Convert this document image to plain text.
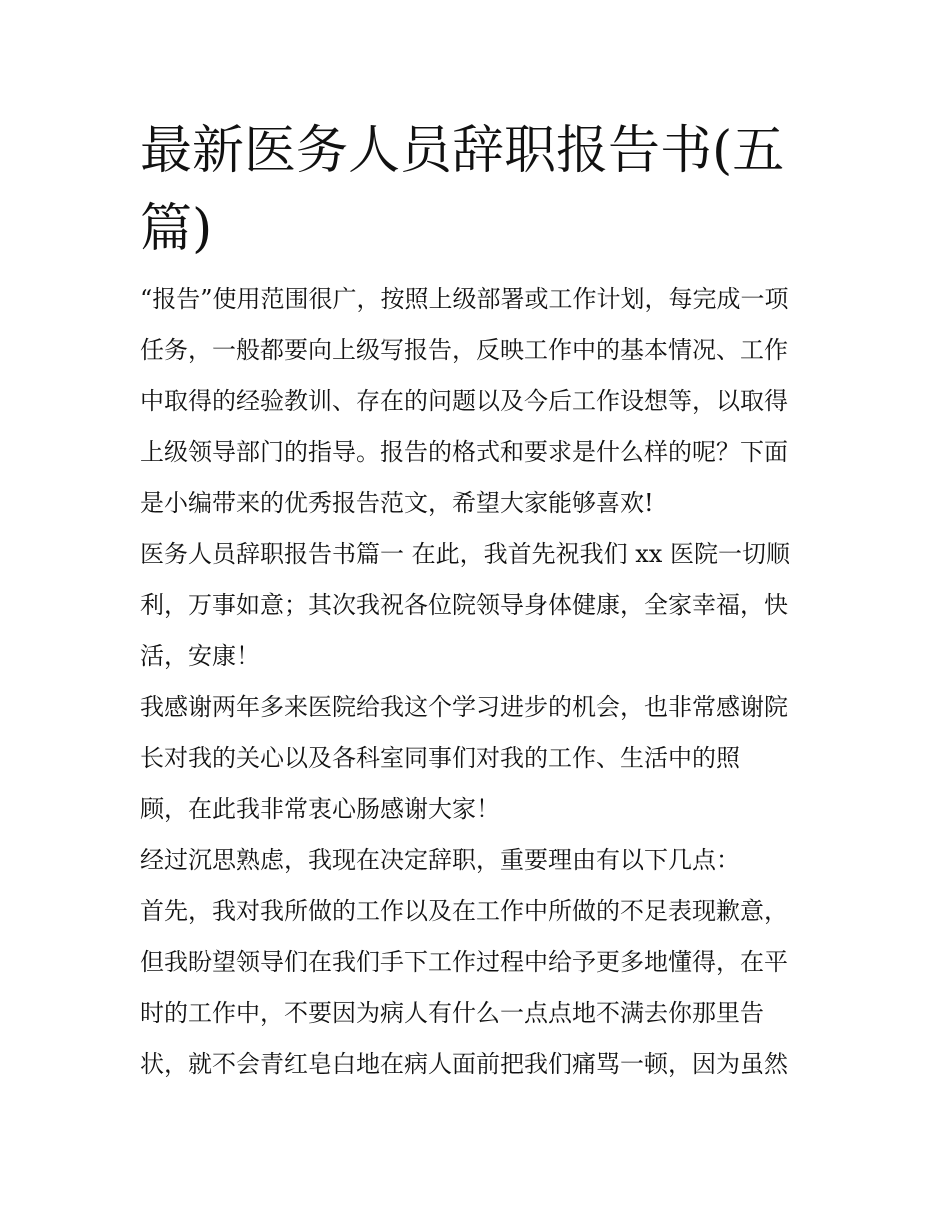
最新医务人员辞职报告书(五
篇)
“报告”使用范围很广，按照上级部署或工作计划，每完成一项
任务，一般都要向上级写报告，反映工作中的基本情况、工作
中取得的经验教训、存在的问题以及今后工作设想等，以取得
上级领导部门的指导。报告的格式和要求是什么样的呢？下面
是小编带来的优秀报告范文，希望大家能够喜欢!
医务人员辞职报告书篇一 在此，我首先祝我们 xx 医院一切顺
利，万事如意；其次我祝各位院领导身体健康，全家幸福，快
活，安康！
我感谢两年多来医院给我这个学习进步的机会，也非常感谢院
长对我的关心以及各科室同事们对我的工作、生活中的照
顾，在此我非常衷心肠感谢大家！
经过沉思熟虑，我现在决定辞职，重要理由有以下几点：
首先，我对我所做的工作以及在工作中所做的不足表现歉意，
但我盼望领导们在我们手下工作过程中给予更多地懂得，在平
时的工作中，不要因为病人有什么一点点地不满去你那里告
状，就不会青红皂白地在病人面前把我们痛骂一顿，因为虽然
